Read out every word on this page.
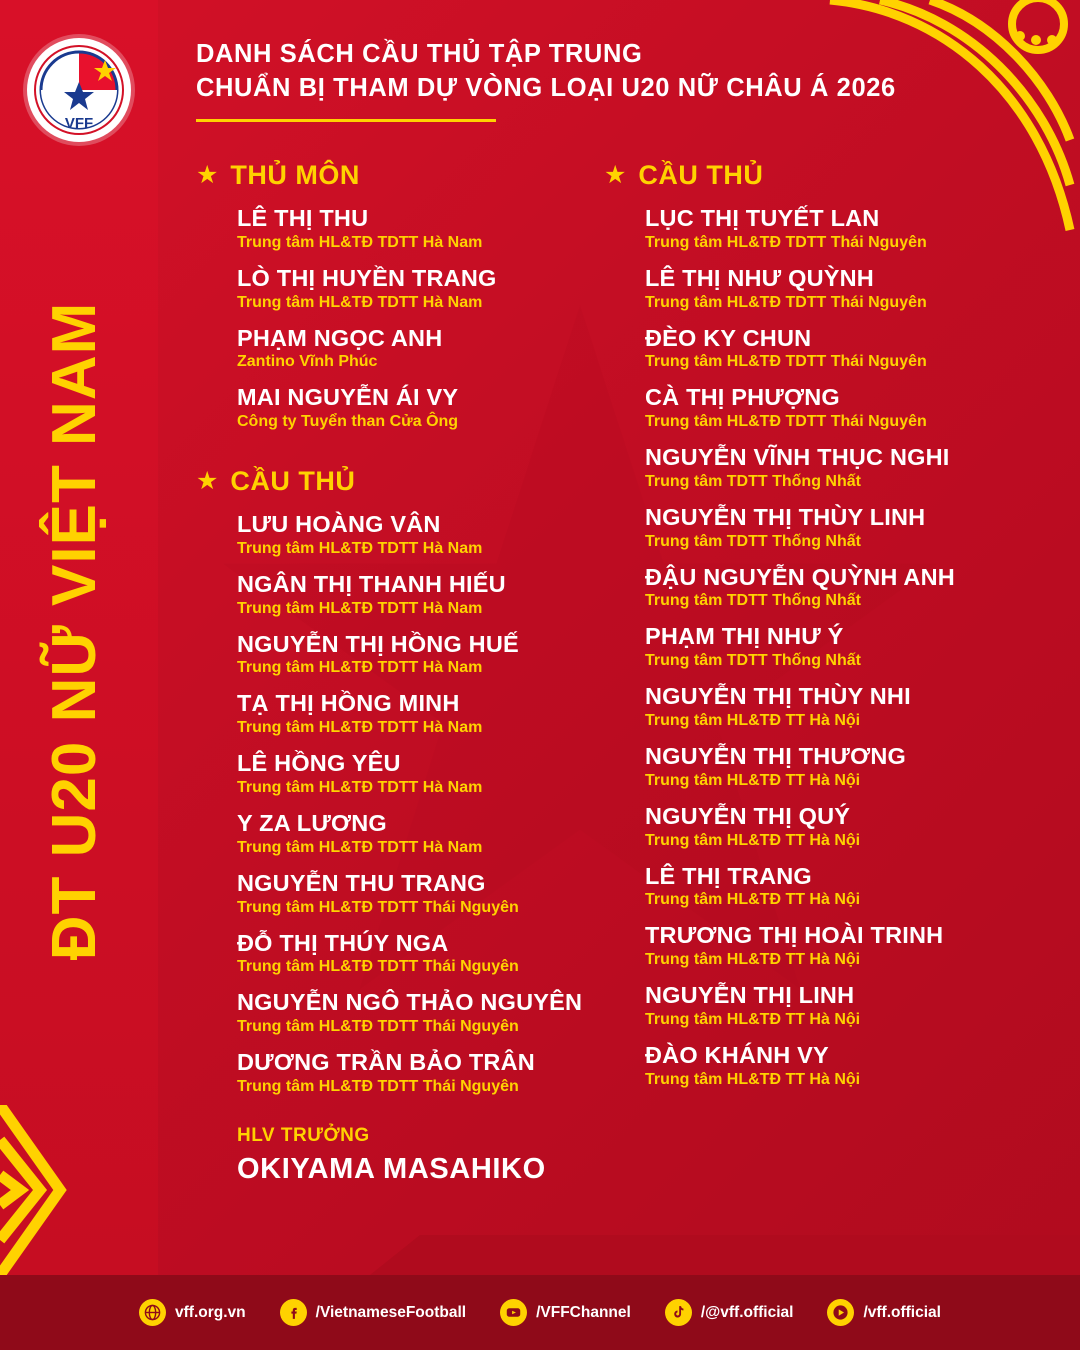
ĐT U20 NỮ VIỆT NAM
VFF
DANH SÁCH CẦU THỦ TẬP TRUNG
CHUẨN BỊ THAM DỰ VÒNG LOẠI U20 NỮ CHÂU Á 2026
★ THỦ MÔN
LÊ THỊ THU
Trung tâm HL&TĐ TDTT Hà Nam
LÒ THỊ HUYỀN TRANG
Trung tâm HL&TĐ TDTT Hà Nam
PHẠM NGỌC ANH
Zantino Vĩnh Phúc
MAI NGUYỄN ÁI VY
Công ty Tuyển than Cửa Ông
★ CẦU THỦ
LƯU HOÀNG VÂN
Trung tâm HL&TĐ TDTT Hà Nam
NGÂN THỊ THANH HIẾU
Trung tâm HL&TĐ TDTT Hà Nam
NGUYỄN THỊ HỒNG HUẾ
Trung tâm HL&TĐ TDTT Hà Nam
TẠ THỊ HỒNG MINH
Trung tâm HL&TĐ TDTT Hà Nam
LÊ HỒNG YÊU
Trung tâm HL&TĐ TDTT Hà Nam
Y ZA LƯƠNG
Trung tâm HL&TĐ TDTT Hà Nam
NGUYỄN THU TRANG
Trung tâm HL&TĐ TDTT Thái Nguyên
ĐỖ THỊ THÚY NGA
Trung tâm HL&TĐ TDTT Thái Nguyên
NGUYỄN NGÔ THẢO NGUYÊN
Trung tâm HL&TĐ TDTT Thái Nguyên
DƯƠNG TRẦN BẢO TRÂN
Trung tâm HL&TĐ TDTT Thái Nguyên
★ CẦU THỦ
LỤC THỊ TUYẾT LAN
Trung tâm HL&TĐ TDTT Thái Nguyên
LÊ THỊ NHƯ QUỲNH
Trung tâm HL&TĐ TDTT Thái Nguyên
ĐÈO KY CHUN
Trung tâm HL&TĐ TDTT Thái Nguyên
CÀ THỊ PHƯỢNG
Trung tâm HL&TĐ TDTT Thái Nguyên
NGUYỄN VĨNH THỤC NGHI
Trung tâm TDTT Thống Nhất
NGUYỄN THỊ THÙY LINH
Trung tâm TDTT Thống Nhất
ĐẬU NGUYỄN QUỲNH ANH
Trung tâm TDTT Thống Nhất
PHẠM THỊ NHƯ Ý
Trung tâm TDTT Thống Nhất
NGUYỄN THỊ THÙY NHI
Trung tâm HL&TĐ TT Hà Nội
NGUYỄN THỊ THƯƠNG
Trung tâm HL&TĐ TT Hà Nội
NGUYỄN THỊ QUÝ
Trung tâm HL&TĐ TT Hà Nội
LÊ THỊ TRANG
Trung tâm HL&TĐ TT Hà Nội
TRƯƠNG THỊ HOÀI TRINH
Trung tâm HL&TĐ TT Hà Nội
NGUYỄN THỊ LINH
Trung tâm HL&TĐ TT Hà Nội
ĐÀO KHÁNH VY
Trung tâm HL&TĐ TT Hà Nội
HLV TRƯỞNG
OKIYAMA MASAHIKO
vff.org.vn	/VietnameseFootball	/VFFChannel	/@vff.official	/vff.official
